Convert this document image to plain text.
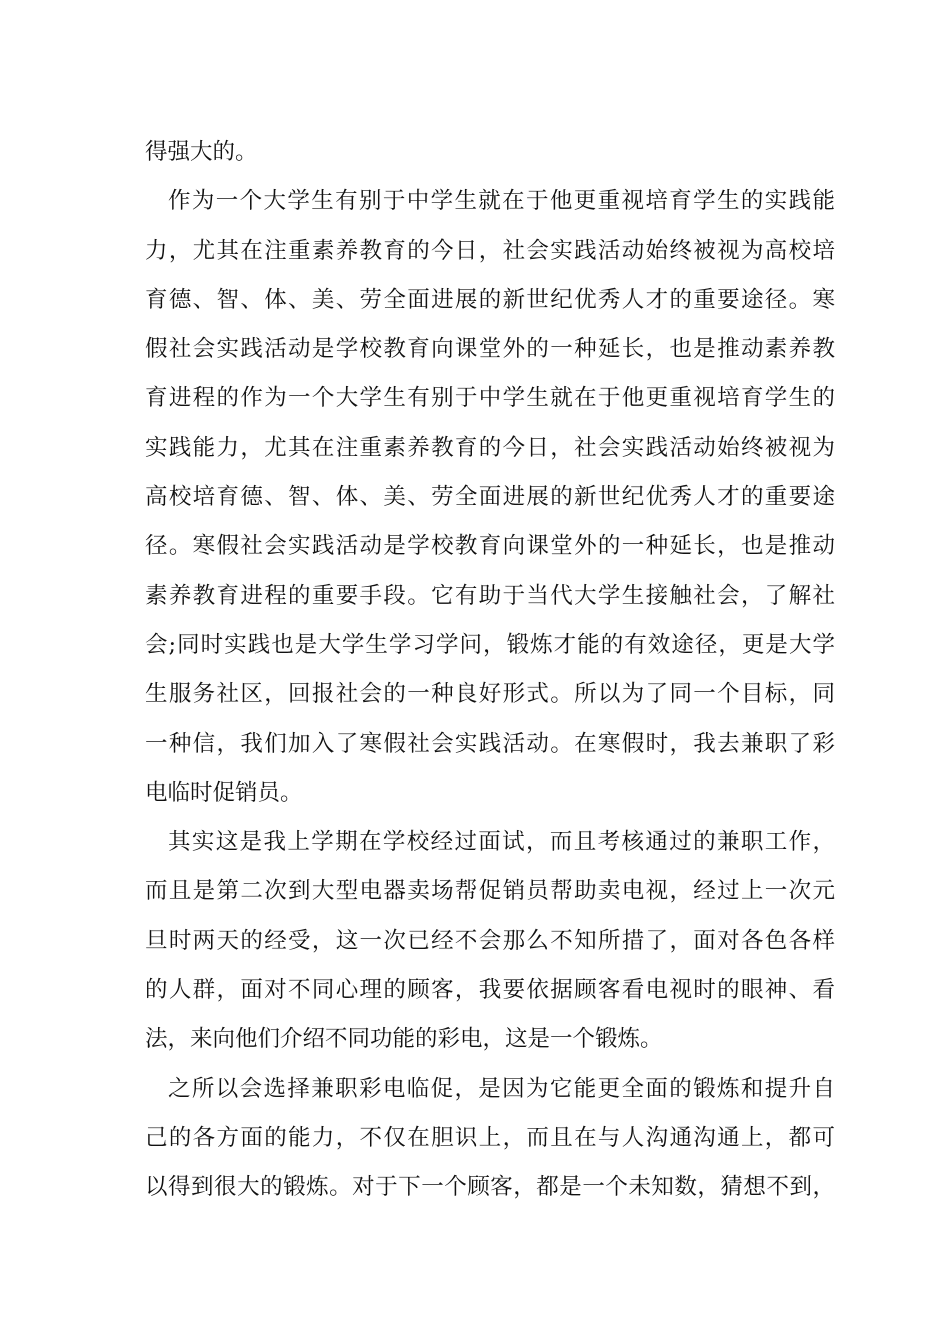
得强大的。
作为一个大学生有别于中学生就在于他更重视培育学生的实践能
力，尤其在注重素养教育的今日，社会实践活动始终被视为高校培
育德、智、体、美、劳全面进展的新世纪优秀人才的重要途径。寒
假社会实践活动是学校教育向课堂外的一种延长，也是推动素养教
育进程的作为一个大学生有别于中学生就在于他更重视培育学生的
实践能力，尤其在注重素养教育的今日，社会实践活动始终被视为
高校培育德、智、体、美、劳全面进展的新世纪优秀人才的重要途
径。寒假社会实践活动是学校教育向课堂外的一种延长，也是推动
素养教育进程的重要手段。它有助于当代大学生接触社会，了解社
会;同时实践也是大学生学习学问，锻炼才能的有效途径，更是大学
生服务社区，回报社会的一种良好形式。所以为了同一个目标，同
一种信，我们加入了寒假社会实践活动。在寒假时，我去兼职了彩
电临时促销员。
其实这是我上学期在学校经过面试，而且考核通过的兼职工作，
而且是第二次到大型电器卖场帮促销员帮助卖电视，经过上一次元
旦时两天的经受，这一次已经不会那么不知所措了，面对各色各样
的人群，面对不同心理的顾客，我要依据顾客看电视时的眼神、看
法，来向他们介绍不同功能的彩电，这是一个锻炼。
之所以会选择兼职彩电临促，是因为它能更全面的锻炼和提升自
己的各方面的能力，不仅在胆识上，而且在与人沟通沟通上，都可
以得到很大的锻炼。对于下一个顾客，都是一个未知数，猜想不到，
